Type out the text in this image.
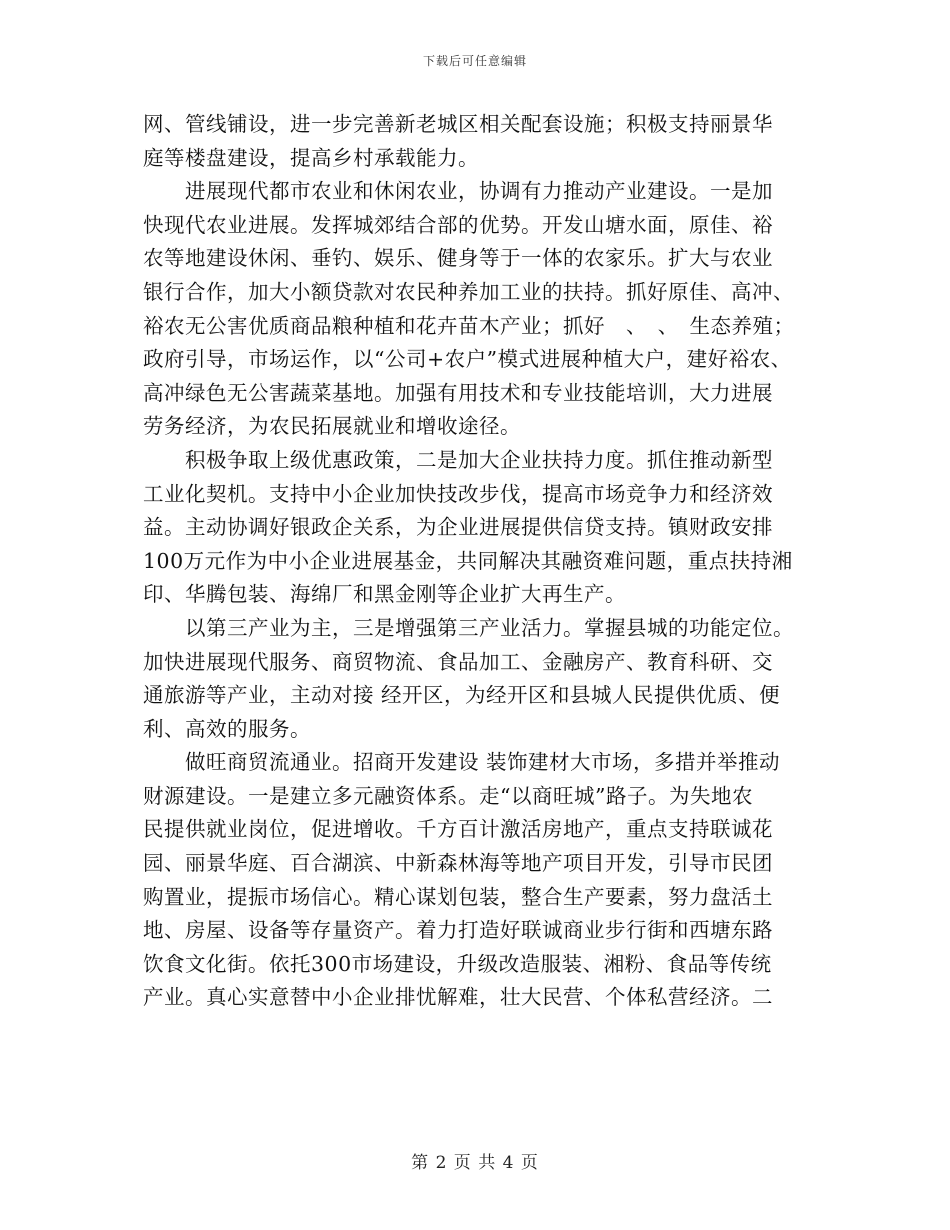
下载后可任意编辑
网、管线铺设，进一步完善新老城区相关配套设施；积极支持丽景华
庭等楼盘建设，提高乡村承载能力。
　　进展现代都市农业和休闲农业，协调有力推动产业建设。一是加
快现代农业进展。发挥城郊结合部的优势。开发山塘水面，原佳、裕
农等地建设休闲、垂钓、娱乐、健身等于一体的农家乐。扩大与农业
银行合作，加大小额贷款对农民种养加工业的扶持。抓好原佳、高冲、
裕农无公害优质商品粮种植和花卉苗木产业；抓好　、　、　生态养殖；
政府引导，市场运作，以“公司+农户”模式进展种植大户，建好裕农、
高冲绿色无公害蔬菜基地。加强有用技术和专业技能培训，大力进展
劳务经济，为农民拓展就业和增收途径。
　　积极争取上级优惠政策，二是加大企业扶持力度。抓住推动新型
工业化契机。支持中小企业加快技改步伐，提高市场竞争力和经济效
益。主动协调好银政企关系，为企业进展提供信贷支持。镇财政安排
100万元作为中小企业进展基金，共同解决其融资难问题，重点扶持湘
印、华腾包装、海绵厂和黑金刚等企业扩大再生产。
　　以第三产业为主，三是增强第三产业活力。掌握县城的功能定位。
加快进展现代服务、商贸物流、食品加工、金融房产、教育科研、交
通旅游等产业，主动对接 经开区，为经开区和县城人民提供优质、便
利、高效的服务。
　　做旺商贸流通业。招商开发建设 装饰建材大市场，多措并举推动
财源建设。一是建立多元融资体系。走“以商旺城”路子。为失地农
民提供就业岗位，促进增收。千方百计激活房地产，重点支持联诚花
园、丽景华庭、百合湖滨、中新森林海等地产项目开发，引导市民团
购置业，提振市场信心。精心谋划包装，整合生产要素，努力盘活土
地、房屋、设备等存量资产。着力打造好联诚商业步行街和西塘东路
饮食文化街。依托300市场建设，升级改造服装、湘粉、食品等传统
产业。真心实意替中小企业排忧解难，壮大民营、个体私营经济。二
第 2 页 共 4 页
